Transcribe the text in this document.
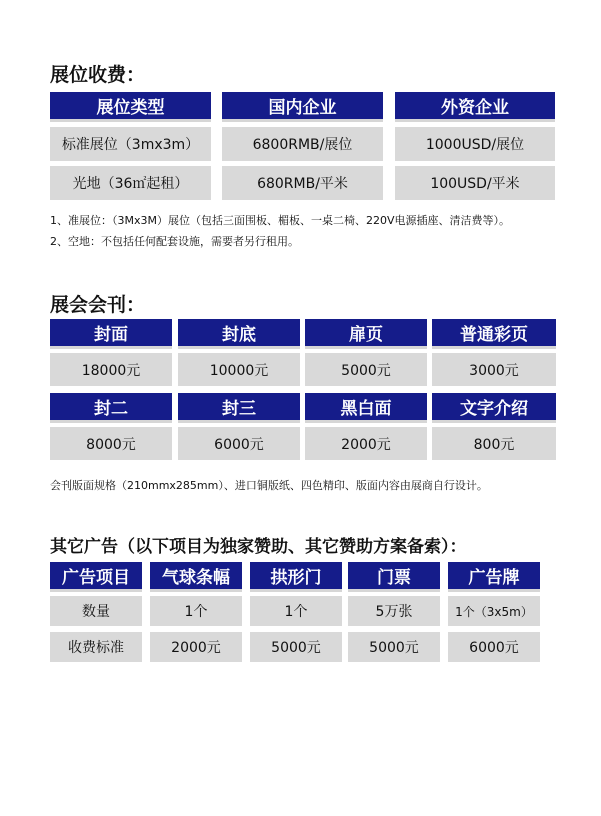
展位收费：
展位类型	国内企业	外资企业
标准展位（3mx3m）	6800RMB/展位	1000USD/展位
光地（36㎡起租）	680RMB/平米	100USD/平米
1、准展位：（3Mx3M）展位（包括三面围板、楣板、一桌二椅、220V电源插座、清洁费等）。
2、空地：不包括任何配套设施，需要者另行租用。
展会会刊：
封面	封底	扉页	普通彩页
18000元	10000元	5000元	3000元
封二	封三	黑白面	文字介绍
8000元	6000元	2000元	800元
会刊版面规格（210mmx285mm）、进口铜版纸、四色精印、版面内容由展商自行设计。
其它广告（以下项目为独家赞助、其它赞助方案备索）：
广告项目	气球条幅	拱形门	门票	广告牌
数量	1个	1个	5万张	1个（3x5m）
收费标准	2000元	5000元	5000元	6000元
